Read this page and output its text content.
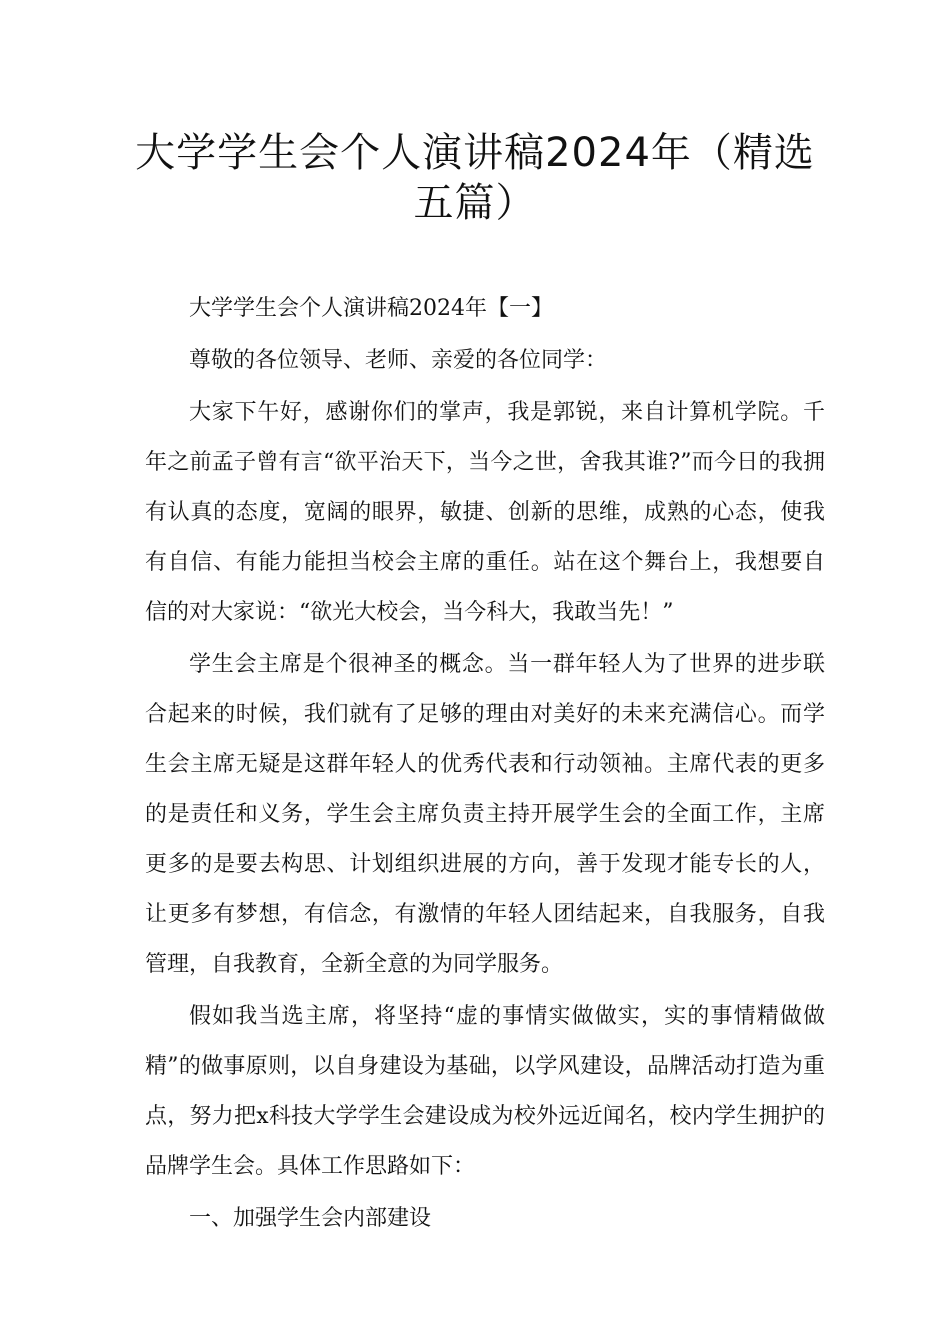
大学学生会个人演讲稿2024年（精选
五篇）

大学学生会个人演讲稿2024年【一】

尊敬的各位领导、老师、亲爱的各位同学：

大家下午好，感谢你们的掌声，我是郭锐，来自计算机学院。千年之前孟子曾有言“欲平治天下，当今之世，舍我其谁?”而今日的我拥有认真的态度，宽阔的眼界，敏捷、创新的思维，成熟的心态，使我有自信、有能力能担当校会主席的重任。站在这个舞台上，我想要自信的对大家说：“欲光大校会，当今科大，我敢当先！”

学生会主席是个很神圣的概念。当一群年轻人为了世界的进步联合起来的时候，我们就有了足够的理由对美好的未来充满信心。而学生会主席无疑是这群年轻人的优秀代表和行动领袖。主席代表的更多的是责任和义务，学生会主席负责主持开展学生会的全面工作，主席更多的是要去构思、计划组织进展的方向，善于发现才能专长的人，让更多有梦想，有信念，有激情的年轻人团结起来，自我服务，自我管理，自我教育，全新全意的为同学服务。

假如我当选主席，将坚持“虚的事情实做做实，实的事情精做做精”的做事原则，以自身建设为基础，以学风建设，品牌活动打造为重点，努力把x科技大学学生会建设成为校外远近闻名，校内学生拥护的品牌学生会。具体工作思路如下：

一、加强学生会内部建设
